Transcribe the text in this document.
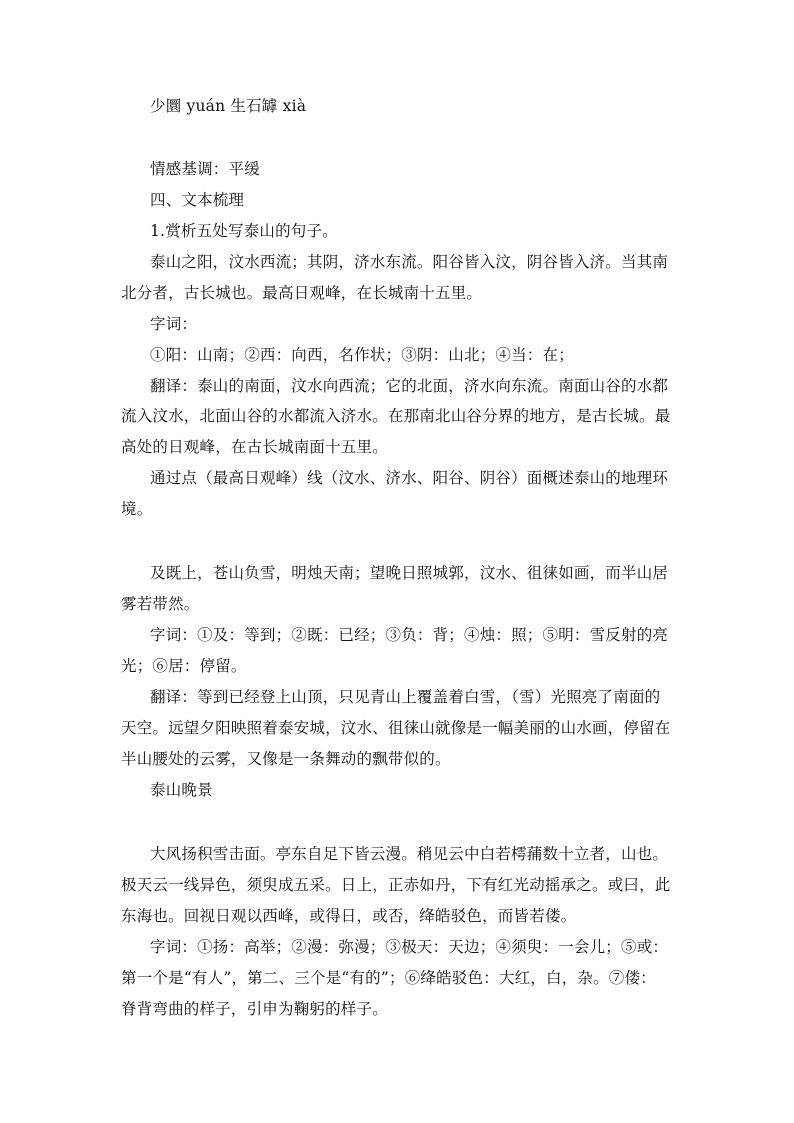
少圜 yuán 生石罅 xià
情感基调：平缓
四、文本梳理
1.赏析五处写泰山的句子。
泰山之阳，汶水西流；其阴，济水东流。阳谷皆入汶，阴谷皆入济。当其南
北分者，古长城也。最高日观峰，在长城南十五里。
字词：
①阳：山南；②西：向西，名作状；③阴：山北；④当：在；
翻译：泰山的南面，汶水向西流；它的北面，济水向东流。南面山谷的水都
流入汶水，北面山谷的水都流入济水。在那南北山谷分界的地方，是古长城。最
高处的日观峰，在古长城南面十五里。
通过点（最高日观峰）线（汶水、济水、阳谷、阴谷）面概述泰山的地理环
境。
及既上，苍山负雪，明烛天南；望晚日照城郭，汶水、徂徕如画，而半山居
雾若带然。
字词：①及：等到；②既：已经；③负：背；④烛：照；⑤明：雪反射的亮
光；⑥居：停留。
翻译：等到已经登上山顶，只见青山上覆盖着白雪，（雪）光照亮了南面的
天空。远望夕阳映照着泰安城，汶水、徂徕山就像是一幅美丽的山水画，停留在
半山腰处的云雾，又像是一条舞动的飘带似的。
泰山晚景
大风扬积雪击面。亭东自足下皆云漫。稍见云中白若樗蒱数十立者，山也。
极天云一线异色，须臾成五采。日上，正赤如丹，下有红光动摇承之。或曰，此
东海也。回视日观以西峰，或得日，或否，绛皓驳色，而皆若偻。
字词：①扬：高举；②漫：弥漫；③极天：天边；④须臾：一会儿；⑤或：
第一个是“有人”，第二、三个是“有的”；⑥绛皓驳色：大红，白，杂。⑦偻：
脊背弯曲的样子，引申为鞠躬的样子。
